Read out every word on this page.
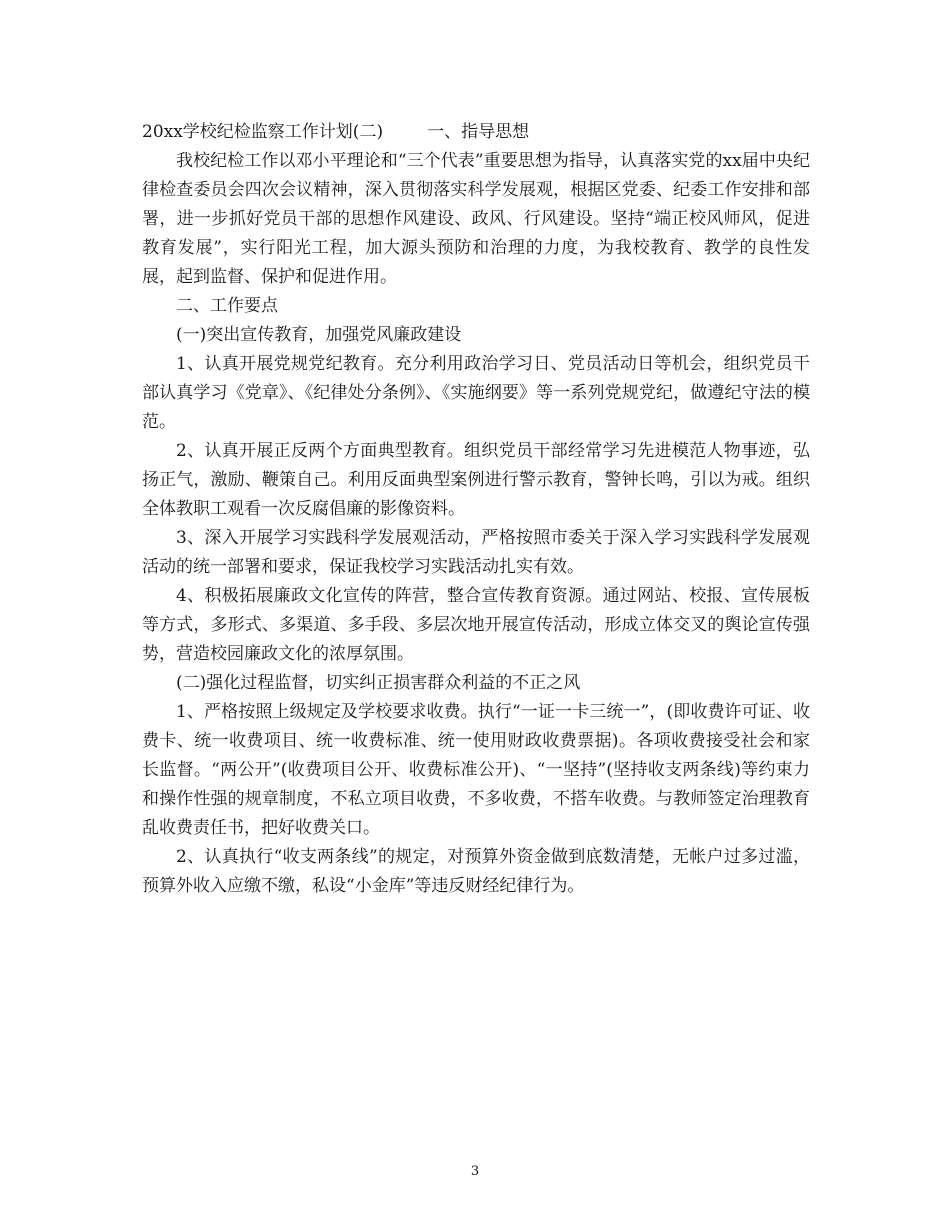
20xx学校纪检监察工作计划(二)	一、指导思想

我校纪检工作以邓小平理论和“三个代表”重要思想为指导，认真落实党的xx届中央纪律检查委员会四次会议精神，深入贯彻落实科学发展观，根据区党委、纪委工作安排和部署，进一步抓好党员干部的思想作风建设、政风、行风建设。坚持“端正校风师风，促进教育发展”，实行阳光工程，加大源头预防和治理的力度，为我校教育、教学的良性发展，起到监督、保护和促进作用。

二、工作要点

(一)突出宣传教育，加强党风廉政建设

1、认真开展党规党纪教育。充分利用政治学习日、党员活动日等机会，组织党员干部认真学习《党章》、《纪律处分条例》、《实施纲要》等一系列党规党纪，做遵纪守法的模范。

2、认真开展正反两个方面典型教育。组织党员干部经常学习先进模范人物事迹，弘扬正气，激励、鞭策自己。利用反面典型案例进行警示教育，警钟长鸣，引以为戒。组织全体教职工观看一次反腐倡廉的影像资料。

3、深入开展学习实践科学发展观活动，严格按照市委关于深入学习实践科学发展观活动的统一部署和要求，保证我校学习实践活动扎实有效。

4、积极拓展廉政文化宣传的阵营，整合宣传教育资源。通过网站、校报、宣传展板等方式，多形式、多渠道、多手段、多层次地开展宣传活动，形成立体交叉的舆论宣传强势，营造校园廉政文化的浓厚氛围。

(二)强化过程监督，切实纠正损害群众利益的不正之风

1、严格按照上级规定及学校要求收费。执行“一证一卡三统一”，(即收费许可证、收费卡、统一收费项目、统一收费标准、统一使用财政收费票据)。各项收费接受社会和家长监督。“两公开”(收费项目公开、收费标准公开)、“一坚持”(坚持收支两条线)等约束力和操作性强的规章制度，不私立项目收费，不多收费，不搭车收费。与教师签定治理教育乱收费责任书，把好收费关口。

2、认真执行“收支两条线”的规定，对预算外资金做到底数清楚，无帐户过多过滥，预算外收入应缴不缴，私设“小金库”等违反财经纪律行为。

3
